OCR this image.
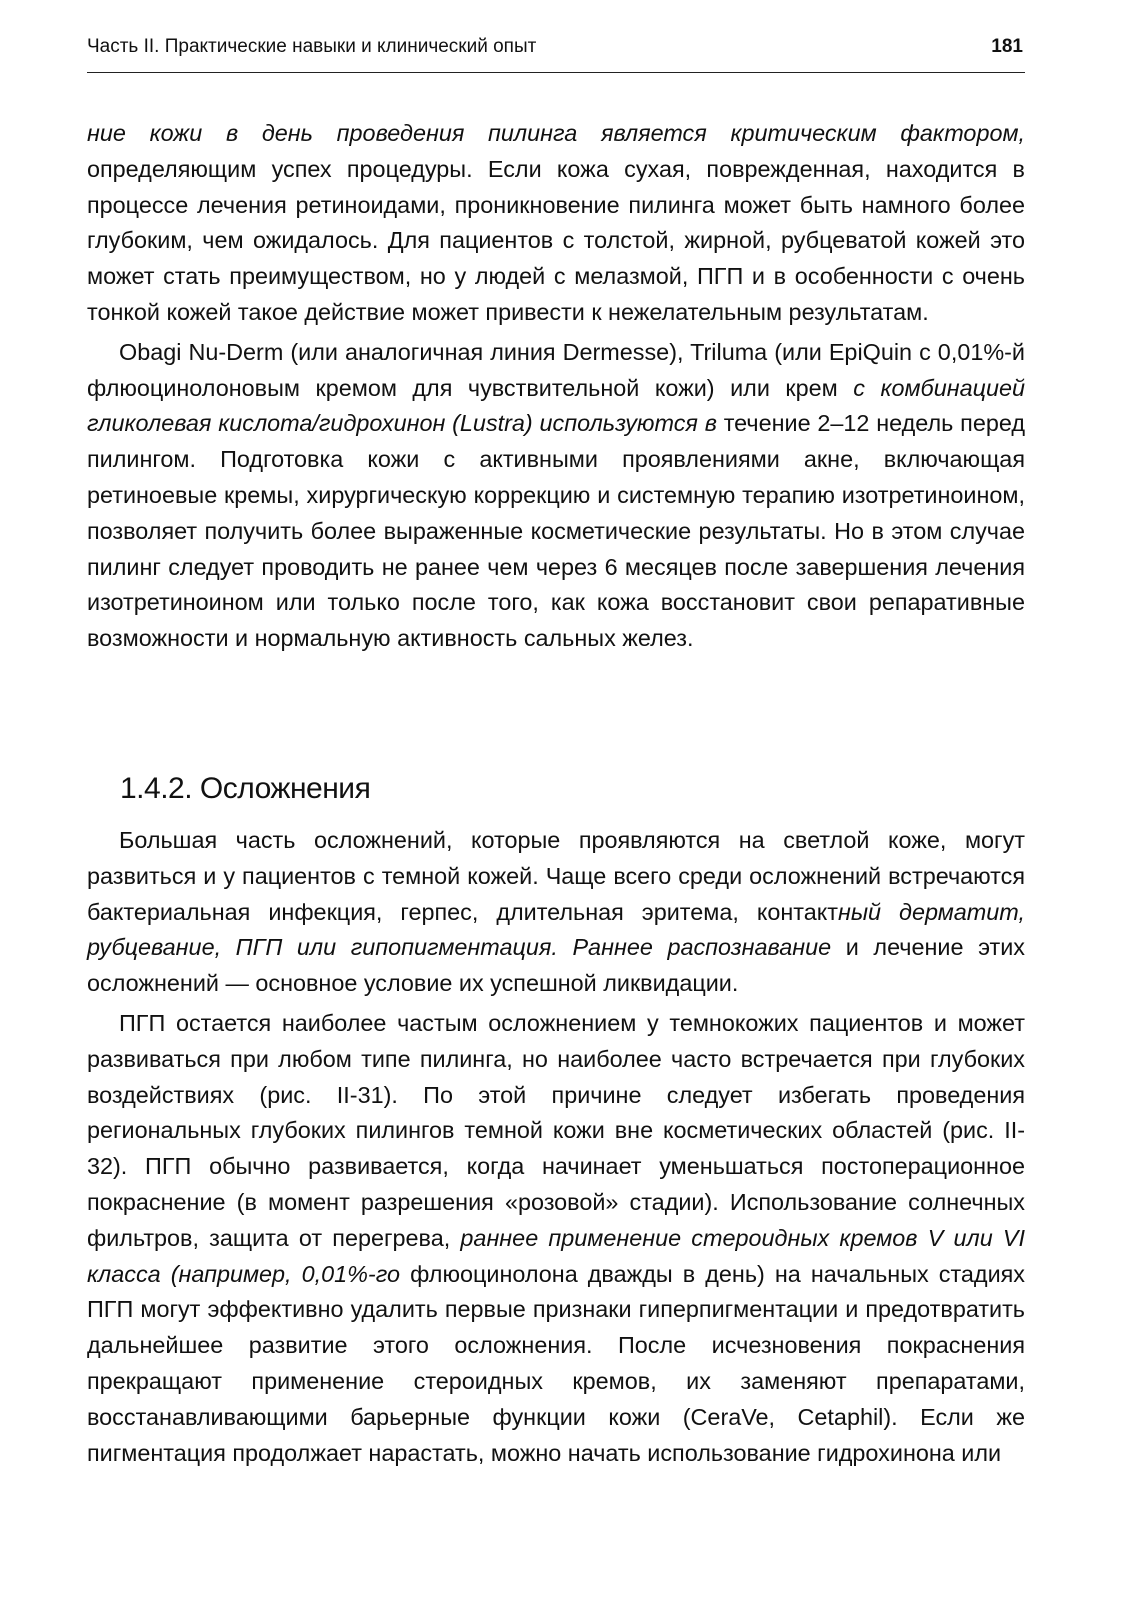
Часть II. Практические навыки и клинический опыт	181

ние кожи в день проведения пилинга является критическим фактором, определяющим успех процедуры. Если кожа сухая, поврежденная, находится в процессе лечения ретиноидами, проникновение пилинга может быть намного более глубоким, чем ожидалось. Для пациентов с толстой, жирной, рубцеватой кожей это может стать преимуществом, но у людей с мелазмой, ПГП и в особенности с очень тонкой кожей такое действие может привести к нежелательным результатам.

Obagi Nu-Derm (или аналогичная линия Dermesse), Triluma (или EpiQuin с 0,01%-й флюоцинолоновым кремом для чувствительной кожи) или крем с комбинацией гликолевая кислота/гидрохинон (Lustra) используются в течение 2–12 недель перед пилингом. Подготовка кожи с активными проявлениями акне, включающая ретиноевые кремы, хирургическую коррекцию и системную терапию изотретиноином, позволяет получить более выраженные косметические результаты. Но в этом случае пилинг следует проводить не ранее чем через 6 месяцев после завершения лечения изотретиноином или только после того, как кожа восстановит свои репаративные возможности и нормальную активность сальных желез.

1.4.2. Осложнения

Большая часть осложнений, которые проявляются на светлой коже, могут развиться и у пациентов с темной кожей. Чаще всего среди осложнений встречаются бактериальная инфекция, герпес, длительная эритема, контактный дерматит, рубцевание, ПГП или гипопигментация. Раннее распознавание и лечение этих осложнений — основное условие их успешной ликвидации.

ПГП остается наиболее частым осложнением у темнокожих пациентов и может развиваться при любом типе пилинга, но наиболее часто встречается при глубоких воздействиях (рис. II-31). По этой причине следует избегать проведения региональных глубоких пилингов темной кожи вне косметических областей (рис. II-32). ПГП обычно развивается, когда начинает уменьшаться постоперационное покраснение (в момент разрешения «розовой» стадии). Использование солнечных фильтров, защита от перегрева, раннее применение стероидных кремов V или VI класса (например, 0,01%-го флюоцинолона дважды в день) на начальных стадиях ПГП могут эффективно удалить первые признаки гиперпигментации и предотвратить дальнейшее развитие этого осложнения. После исчезновения покраснения прекращают применение стероидных кремов, их заменяют препаратами, восстанавливающими барьерные функции кожи (CeraVe, Cetaphil). Если же пигментация продолжает нарастать, можно начать использование гидрохинона или
